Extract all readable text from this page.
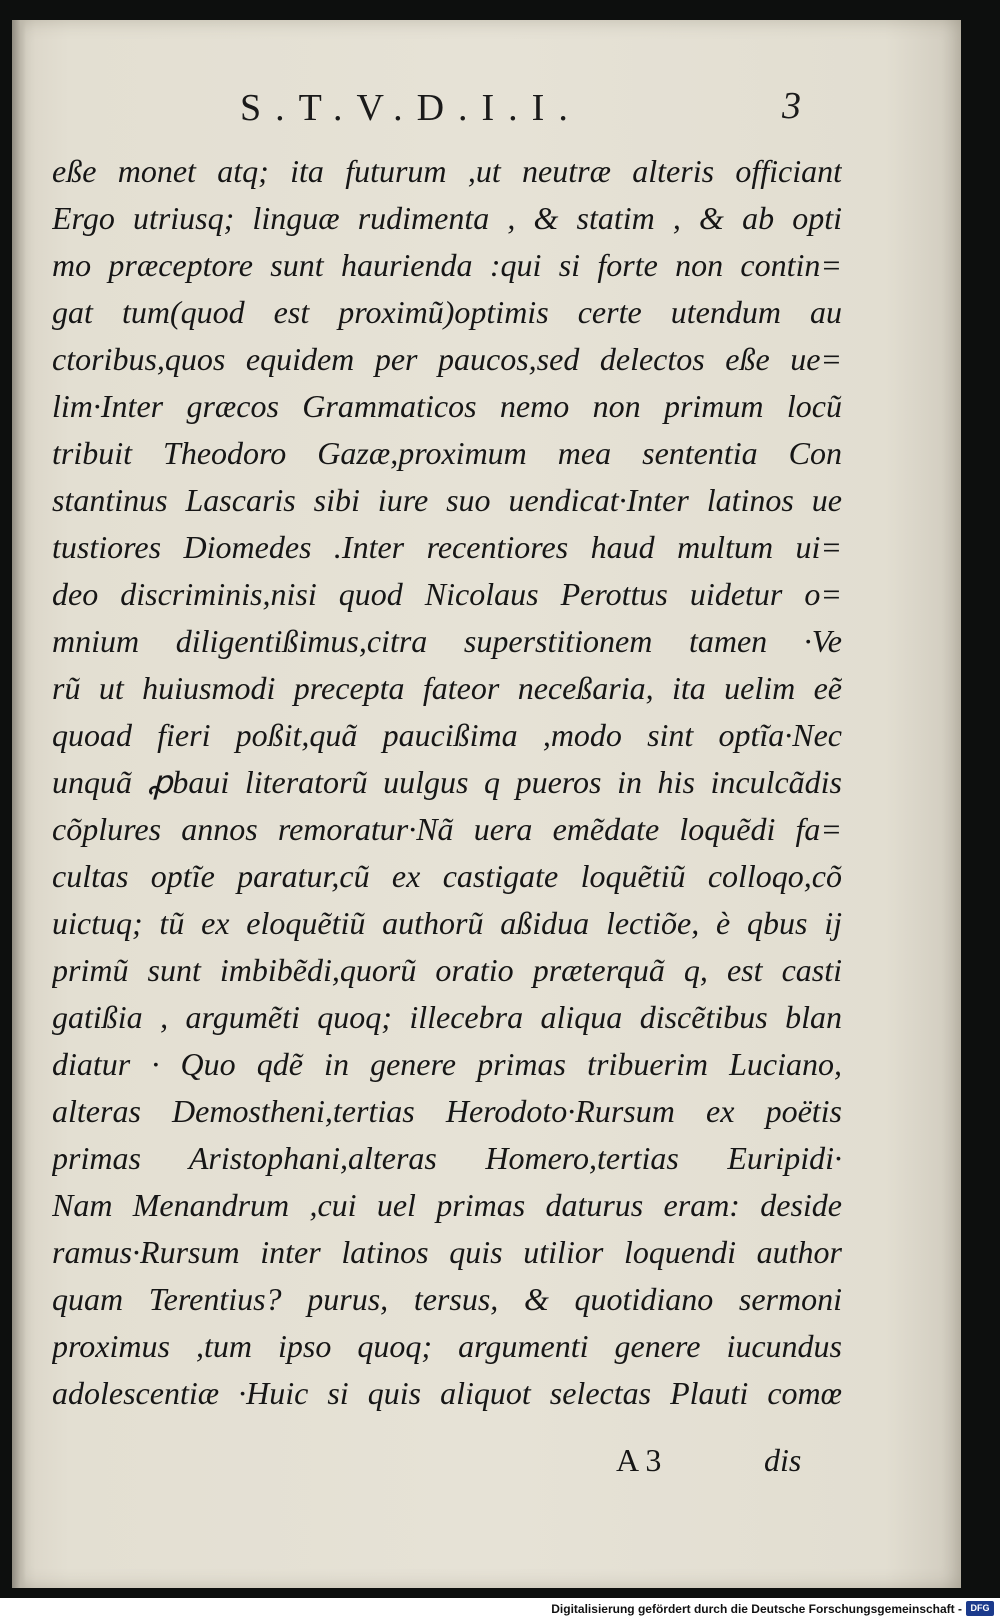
S.T.V.D.I.I.	3
eße monet atq; ita futurum ,ut neutræ alteris officiant
Ergo utriusq; linguæ rudimenta , & statim , & ab opti
mo præceptore sunt haurienda :qui si forte non contin=
gat tum(quod est proximũ)optimis certe utendum au
ctoribus,quos equidem per paucos,sed delectos eße ue=
lim·Inter græcos Grammaticos nemo non primum locũ
tribuit Theodoro Gazæ,proximum mea sententia Con
stantinus Lascaris sibi iure suo uendicat·Inter latinos ue
tustiores Diomedes .Inter recentiores haud multum ui=
deo discriminis,nisi quod Nicolaus Perottus uidetur o=
mnium diligentißimus,citra superstitionem tamen ·Ve
rũ ut huiusmodi precepta fateor neceßaria, ita uelim eẽ
quoad fieri poßit,quã paucißima ,modo sint optĩa·Nec
unquã ꝓbaui literatorũ uulgus q pueros in his inculcãdis
cõplures annos remoratur·Nã uera emẽdate loquẽdi fa=
cultas optĩe paratur,cũ ex castigate loquẽtiũ colloqo,cõ
uictuq; tũ ex eloquẽtiũ authorũ aßidua lectiõe, è qbus ij
primũ sunt imbibẽdi,quorũ oratio præterquã q, est casti
gatißia , argumẽti quoq; illecebra aliqua discẽtibus blan
diatur · Quo qdẽ in genere primas tribuerim Luciano,
alteras Demostheni,tertias Herodoto·Rursum ex poëtis
primas Aristophani,alteras Homero,tertias Euripidi·
Nam Menandrum ,cui uel primas daturus eram: deside
ramus·Rursum inter latinos quis utilior loquendi author
quam Terentius? purus, tersus, & quotidiano sermoni
proximus ,tum ipso quoq; argumenti genere iucundus
adolescentiæ ·Huic si quis aliquot selectas Plauti comœ
A 3	dis
Digitalisierung gefördert durch die Deutsche Forschungsgemeinschaft - DFG
